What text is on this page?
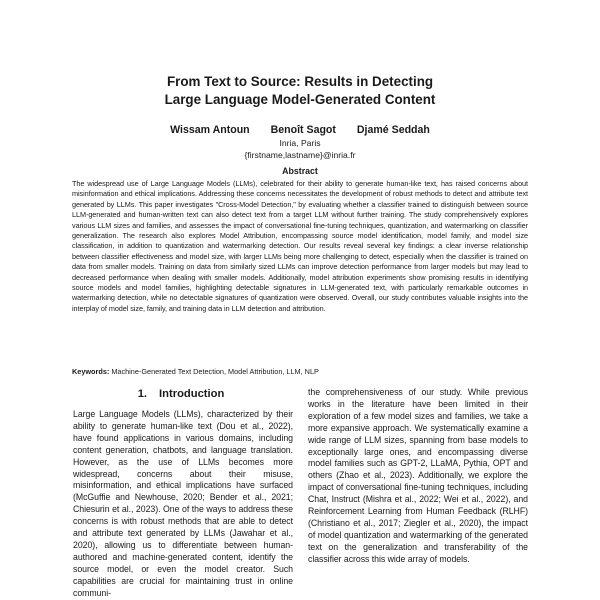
From Text to Source: Results in Detecting
Large Language Model-Generated Content
Wissam Antoun Benoît Sagot Djamé Seddah
Inria, Paris
{firstname,lastname}@inria.fr
Abstract
The widespread use of Large Language Models (LLMs), celebrated for their ability to generate human-like text, has raised concerns about misinformation and ethical implications. Addressing these concerns necessitates the development of robust methods to detect and attribute text generated by LLMs. This paper investigates "Cross-Model Detection," by evaluating whether a classifier trained to distinguish between source LLM-generated and human-written text can also detect text from a target LLM without further training. The study comprehensively explores various LLM sizes and families, and assesses the impact of conversational fine-tuning techniques, quantization, and watermarking on classifier generalization. The research also explores Model Attribution, encompassing source model identification, model family, and model size classification, in addition to quantization and watermarking detection. Our results reveal several key findings: a clear inverse relationship between classifier effectiveness and model size, with larger LLMs being more challenging to detect, especially when the classifier is trained on data from smaller models. Training on data from similarly sized LLMs can improve detection performance from larger models but may lead to decreased performance when dealing with smaller models. Additionally, model attribution experiments show promising results in identifying source models and model families, highlighting detectable signatures in LLM-generated text, with particularly remarkable outcomes in watermarking detection, while no detectable signatures of quantization were observed. Overall, our study contributes valuable insights into the interplay of model size, family, and training data in LLM detection and attribution.
Keywords: Machine-Generated Text Detection, Model Attribution, LLM, NLP
1. Introduction

Large Language Models (LLMs), characterized by their ability to generate human-like text (Dou et al., 2022), have found applications in various domains, including content generation, chatbots, and language translation. However, as the use of LLMs becomes more widespread, concerns about their misuse, misinformation, and ethical implications have surfaced (McGuffie and Newhouse, 2020; Bender et al., 2021; Chiesurin et al., 2023). One of the ways to address these concerns is with robust methods that are able to detect and attribute text generated by LLMs (Jawahar et al., 2020), allowing us to differentiate between human-authored and machine-generated content, identify the source model, or even the model creator. Such capabilities are crucial for maintaining trust in online communi-

the comprehensiveness of our study. While previous works in the literature have been limited in their exploration of a few model sizes and families, we take a more expansive approach. We systematically examine a wide range of LLM sizes, spanning from base models to exceptionally large ones, and encompassing diverse model families such as GPT-2, LLaMA, Pythia, OPT and others (Zhao et al., 2023). Additionally, we explore the impact of conversational fine-tuning techniques, including Chat, Instruct (Mishra et al., 2022; Wei et al., 2022), and Reinforcement Learning from Human Feedback (RLHF) (Christiano et al., 2017; Ziegler et al., 2020), the impact of model quantization and watermarking of the generated text on the generalization and transferability of the classifier across this wide array of models.
